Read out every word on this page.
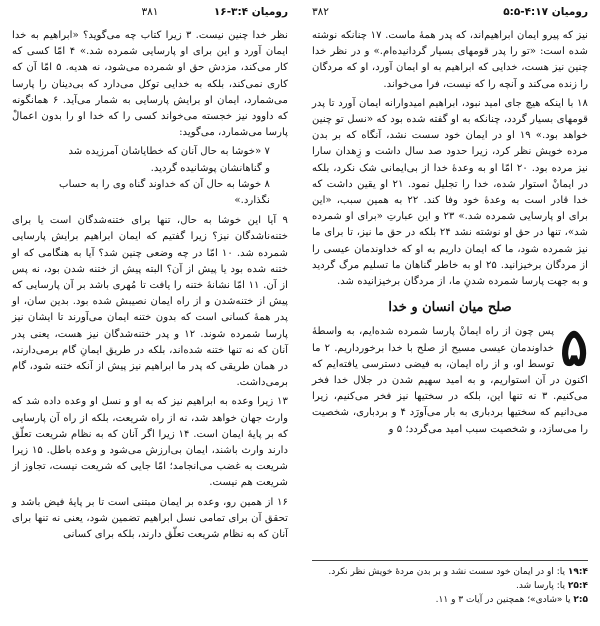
رومیان ۴:۱۷-۵:۵
۳۸۲

نیز که پیرو ایمان ابراهیم‌اند، که پدر همهٔ ماست. ۱۷ چنانکه نوشته شده است: «تو را پدر قومهای بسیار گردانیده‌ام.» و در نظر خدا چنین نیز هست، خدایی که ابراهیم به او ایمان آورد، او که مردگان را زنده می‌کند و آنچه را که نیست، فرا می‌خواند.

۱۸ با اینکه هیچ جای امید نبود، ابراهیم امیدوارانه ایمان آورد تا پدر قومهای بسیار گردد، چنانکه به او گفته شده بود که «نسل تو چنین خواهد بود.» ۱۹ او در ایمان خود سست نشد، آنگاه که بر بدن مرده خویش نظر کرد، زیرا حدود صد سال داشت و زِهدان سارا نیز مرده بود. ۲۰ امّا او به وعدهٔ خدا از بی‌ایمانی شک نکرد، بلکه در ایمانْ استوار شده، خدا را تجلیل نمود. ۲۱ او یقین داشت که خدا قادر است به وعدهٔ خود وفا کند. ۲۲ به همین سبب، «این برای او پارسایی شمرده شد.» ۲۳ و این عبارتِ «برای او شمرده شد»، تنها در حق او نوشته نشد ۲۴ بلکه در حق ما نیز، تا برای ما نیز شمرده شود، ما که ایمان داریم به او که خداوندمان عیسی را از مردگان برخیزانید. ۲۵ او به خاطر گناهان ما تسلیم مرگ گردید و به جهت پارسا شمرده شدنِ ما، از مردگان برخیزانیده شد.

صلح میان انسان و خدا
۵

پس چون از راه ایمانْ پارسا شمرده شده‌ایم، به واسطهٔ خداوندمان عیسی مسیح از صلح با خدا برخورداریم. ۲ ما توسط او، و از راه ایمان، به فیضی دسترسی یافته‌ایم که اکنون در آن استواریم، و به امید سهیم شدن در جلال خدا فخر می‌کنیم. ۳ نه تنها این، بلکه در سختیها نیز فخر می‌کنیم، زیرا می‌دانیم که سختیها بردباری به بار می‌آورَد ۴ و بردباری، شخصیت را می‌سازد، و شخصیت سبب امید می‌گردد؛ ۵ و

۱۹:۴ یا: او در ایمان خود سست نشد و بر بدن مردهٔ خویش نظر نکرد.
۲۵:۴ یا: پارسا شد.
۲:۵ یا «شادی»؛ همچنین در آیات ۳ و ۱۱.
رومیان ۳:۴-۱۶
۳۸۱

نظر خدا چنین نیست. ۳ زیرا کتاب چه می‌گوید؟ «ابراهیم به خدا ایمان آورد و این برای او پارسایی شمرده شد.» ۴ امّا کسی که کار می‌کند، مزدش حق او شمرده می‌شود، نه هدیه. ۵ امّا آن که کاری نمی‌کند، بلکه به خدایی توکل می‌دارد که بی‌دینان را پارسا می‌شمارد، ایمان او برایش پارسایی به شمار می‌آید. ۶ همانگونه که داوود نیز خجسته می‌خواند کسی را که خدا او را بدون اعمالْ پارسا می‌شمارد، می‌گوید:

۷ «خوشا به حال آنان که خطایاشان آمرزیده شد
و گناهانشان پوشانیده گردید.
۸ خوشا به حال آن که خداوند گناه وی را به حساب
نگذارد.»

۹ آیا این خوشا به حال، تنها برای ختنه‌شدگان است یا برای ختنه‌ناشدگان نیز؟ زیرا گفتیم که ایمان ابراهیم برایش پارسایی شمرده شد. ۱۰ امّا در چه وضعی چنین شد؟ آیا به هنگامی که او ختنه شده بود یا پیش از آن؟ البته پیش از ختنه شدن بود، نه پس از آن. ۱۱ امّا نشانهٔ ختنه را یافت تا مُهری باشد بر آن پارسایی که پیش از ختنه‌شدن و از راه ایمان نصیبش شده بود. بدین سان، او پدر همهٔ کسانی است که بدون ختنه ایمان می‌آورند تا ایشان نیز پارسا شمرده شوند. ۱۲ و پدر ختنه‌شدگان نیز هست، یعنی پدر آنان که نه تنها ختنه شده‌اند، بلکه در طریق ایمانِ گام برمی‌دارند، در همان طریقی که پدر ما ابراهیم نیز پیش از آنکه ختنه شود، گام برمی‌داشت.

۱۳ زیرا وعده به ابراهیم نیز که به او و نسل او وعده داده شد که وارث جهان خواهد شد، نه از راه شریعت، بلکه از راه آن پارسایی که بر پایهٔ ایمان است. ۱۴ زیرا اگر آنان که به نظام شریعت تعلّق دارند وارث باشند، ایمان بی‌ارزش می‌شود و وعده باطل. ۱۵ زیرا شریعت به غضب می‌انجامد؛ امّا جایی که شریعت نیست، تجاوز از شریعت هم نیست.

۱۶ از همین رو، وعده بر ایمان مبتنی است تا بر پایهٔ فیض باشد و تحقق آن برای تمامی نسل ابراهیم تضمین شود، یعنی نه تنها برای آنان که به نظام شریعت تعلّق دارند، بلکه برای کسانی
